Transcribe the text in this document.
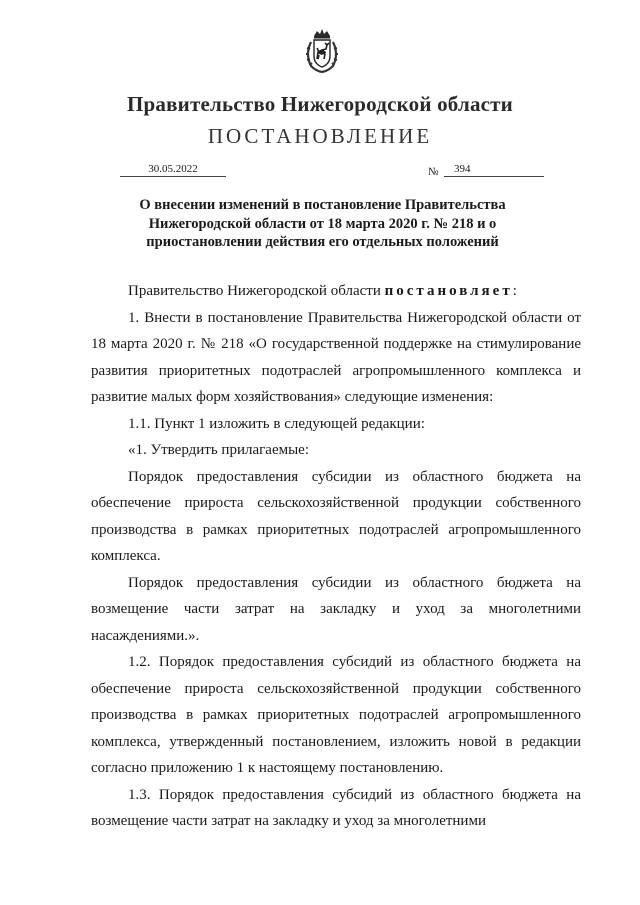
Правительство Нижегородской области
ПОСТАНОВЛЕНИЕ
30.05.2022	№	394
О внесении изменений в постановление Правительства Нижегородской области от 18 марта 2020 г. № 218 и о приостановлении действия его отдельных положений

Правительство Нижегородской области постановляет:

1. Внести в постановление Правительства Нижегородской области от 18 марта 2020 г. № 218 «О государственной поддержке на стимулирование развития приоритетных подотраслей агропромышленного комплекса и развитие малых форм хозяйствования» следующие изменения:

1.1. Пункт 1 изложить в следующей редакции:

«1. Утвердить прилагаемые:

Порядок предоставления субсидии из областного бюджета на обеспечение прироста сельскохозяйственной продукции собственного производства в рамках приоритетных подотраслей агропромышленного комплекса.

Порядок предоставления субсидии из областного бюджета на возмещение части затрат на закладку и уход за многолетними насаждениями.».

1.2. Порядок предоставления субсидий из областного бюджета на обеспечение прироста сельскохозяйственной продукции собственного производства в рамках приоритетных подотраслей агропромышленного комплекса, утвержденный постановлением, изложить новой в редакции согласно приложению 1 к настоящему постановлению.

1.3. Порядок предоставления субсидий из областного бюджета на возмещение части затрат на закладку и уход за многолетними
